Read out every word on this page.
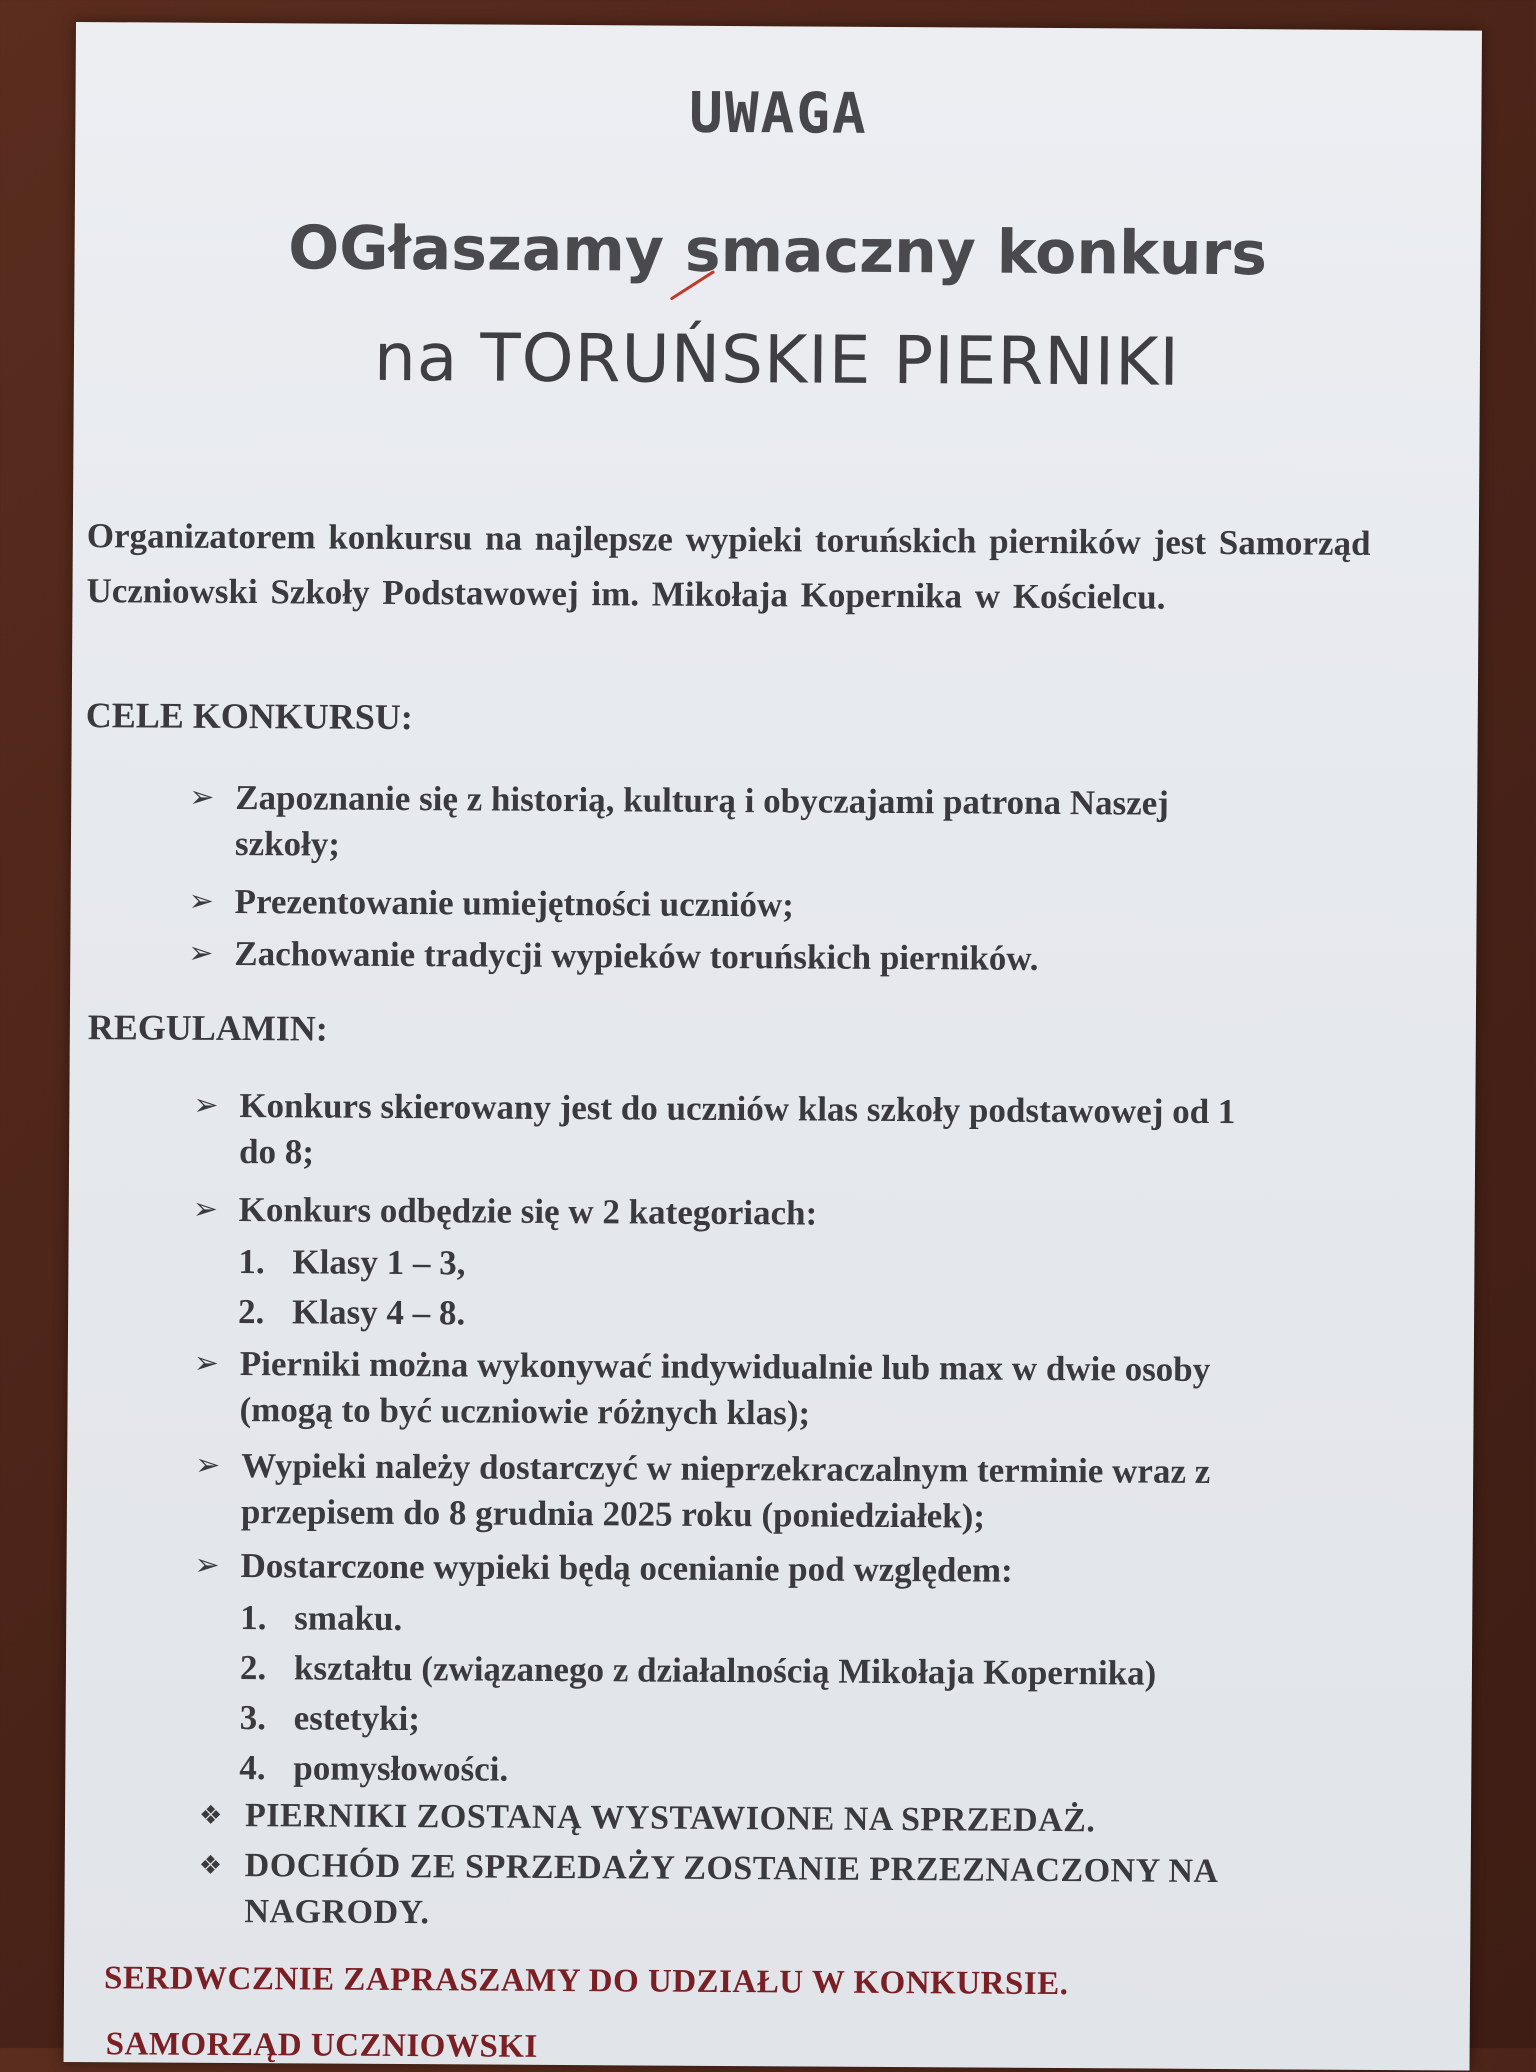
UWAGA
OGłaszamy smaczny konkurs
na TORUŃSKIE PIERNIKI
Organizatorem konkursu na najlepsze wypieki toruńskich pierników jest Samorząd Uczniowski Szkoły Podstawowej im. Mikołaja Kopernika w Kościelcu.
CELE KONKURSU:
➢ Zapoznanie się z historią, kulturą i obyczajami patrona Naszej
szkoły;
➢ Prezentowanie umiejętności uczniów;
➢ Zachowanie tradycji wypieków toruńskich pierników.
REGULAMIN:
➢ Konkurs skierowany jest do uczniów klas szkoły podstawowej od 1
do 8;
➢ Konkurs odbędzie się w 2 kategoriach:
1. Klasy 1 – 3,
2. Klasy 4 – 8.
➢ Pierniki można wykonywać indywidualnie lub max w dwie osoby
(mogą to być uczniowie różnych klas);
➢ Wypieki należy dostarczyć w nieprzekraczalnym terminie wraz z
przepisem do 8 grudnia 2025 roku (poniedziałek);
➢ Dostarczone wypieki będą ocenianie pod względem:
1. smaku.
2. kształtu (związanego z działalnością Mikołaja Kopernika)
3. estetyki;
4. pomysłowości.
❖ PIERNIKI ZOSTANĄ WYSTAWIONE NA SPRZEDAŻ.
❖ DOCHÓD ZE SPRZEDAŻY ZOSTANIE PRZEZNACZONY NA
NAGRODY.
SERDWCZNIE ZAPRASZAMY DO UDZIAŁU W KONKURSIE.
SAMORZĄD UCZNIOWSKI
